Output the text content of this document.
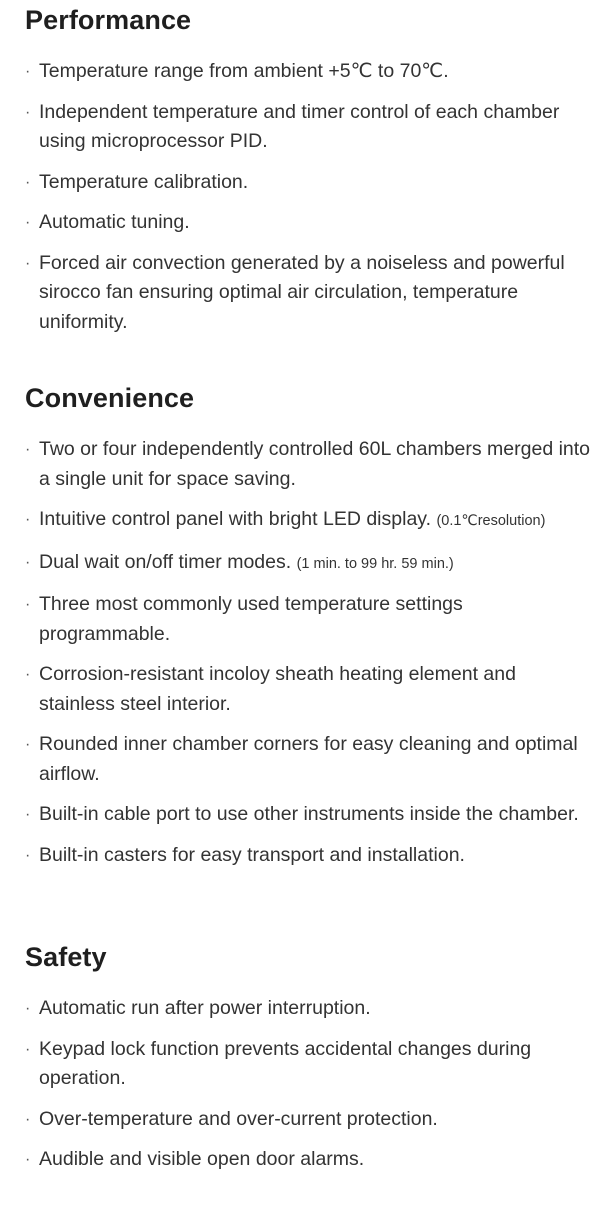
Performance
· Temperature range from ambient +5℃ to 70℃.
· Independent temperature and timer control of each chamber using microprocessor PID.
· Temperature calibration.
· Automatic tuning.
· Forced air convection generated by a noiseless and powerful sirocco fan ensuring optimal air circulation, temperature uniformity.
Convenience
· Two or four independently controlled 60L chambers merged into a single unit for space saving.
· Intuitive control panel with bright LED display. (0.1℃resolution)
· Dual wait on/off timer modes. (1 min. to 99 hr. 59 min.)
· Three most commonly used temperature settings programmable.
· Corrosion-resistant incoloy sheath heating element and stainless steel interior.
· Rounded inner chamber corners for easy cleaning and optimal airflow.
· Built-in cable port to use other instruments inside the chamber.
· Built-in casters for easy transport and installation.
Safety
· Automatic run after power interruption.
· Keypad lock function prevents accidental changes during operation.
· Over-temperature and over-current protection.
· Audible and visible open door alarms.
